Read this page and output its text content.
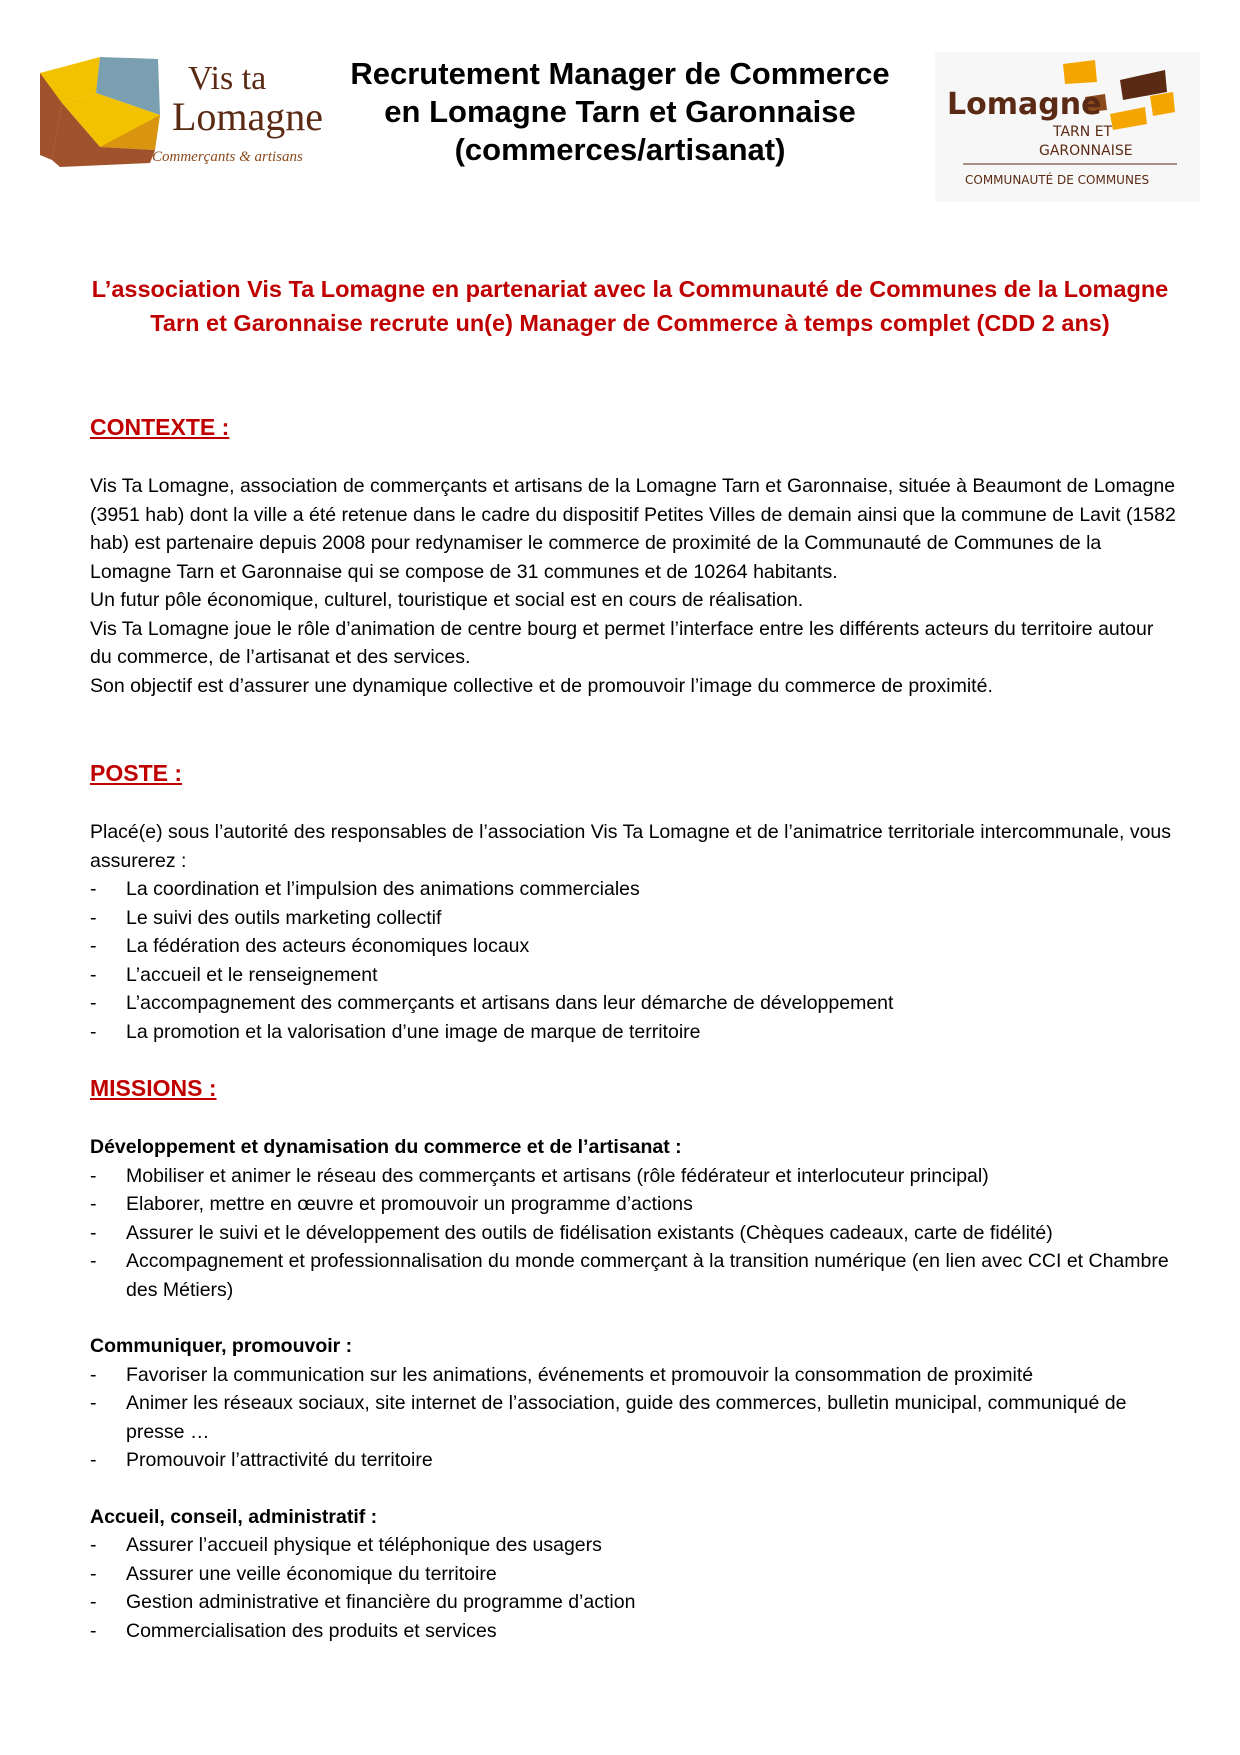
Vis ta
Lomagne
Commerçants & artisans
Recrutement Manager de Commerce en Lomagne Tarn et Garonnaise (commerces/artisanat)
Lomagne
TARN ET
GARONNAISE
COMMUNAUTÉ DE COMMUNES

L’association Vis Ta Lomagne en partenariat avec la Communauté de Communes de la Lomagne Tarn et Garonnaise recrute un(e) Manager de Commerce à temps complet (CDD 2 ans)

CONTEXTE :

Vis Ta Lomagne, association de commerçants et artisans de la Lomagne Tarn et Garonnaise, située à Beaumont de Lomagne (3951 hab) dont la ville a été retenue dans le cadre du dispositif Petites Villes de demain ainsi que la commune de Lavit (1582 hab) est partenaire depuis 2008 pour redynamiser le commerce de proximité de la Communauté de Communes de la Lomagne Tarn et Garonnaise qui se compose de 31 communes et de 10264 habitants.

Un futur pôle économique, culturel, touristique et social est en cours de réalisation.

Vis Ta Lomagne joue le rôle d’animation de centre bourg et permet l’interface entre les différents acteurs du territoire autour du commerce, de l’artisanat et des services.

Son objectif est d’assurer une dynamique collective et de promouvoir l’image du commerce de proximité.

POSTE :

Placé(e) sous l’autorité des responsables de l’association Vis Ta Lomagne et de l’animatrice territoriale intercommunale, vous assurerez :

-	La coordination et l’impulsion des animations commerciales
-	Le suivi des outils marketing collectif
-	La fédération des acteurs économiques locaux
-	L’accueil et le renseignement
-	L’accompagnement des commerçants et artisans dans leur démarche de développement
-	La promotion et la valorisation d’une image de marque de territoire
MISSIONS :

Développement et dynamisation du commerce et de l’artisanat :

-	Mobiliser et animer le réseau des commerçants et artisans (rôle fédérateur et interlocuteur principal)
-	Elaborer, mettre en œuvre et promouvoir un programme d’actions
-	Assurer le suivi et le développement des outils de fidélisation existants (Chèques cadeaux, carte de fidélité)
-	Accompagnement et professionnalisation du monde commerçant à la transition numérique (en lien avec CCI et Chambre des Métiers)

Communiquer, promouvoir :

-	Favoriser la communication sur les animations, événements et promouvoir la consommation de proximité
-	Animer les réseaux sociaux, site internet de l’association, guide des commerces, bulletin municipal, communiqué de presse …
-	Promouvoir l’attractivité du territoire

Accueil, conseil, administratif :

-	Assurer l’accueil physique et téléphonique des usagers
-	Assurer une veille économique du territoire
-	Gestion administrative et financière du programme d’action
-	Commercialisation des produits et services
